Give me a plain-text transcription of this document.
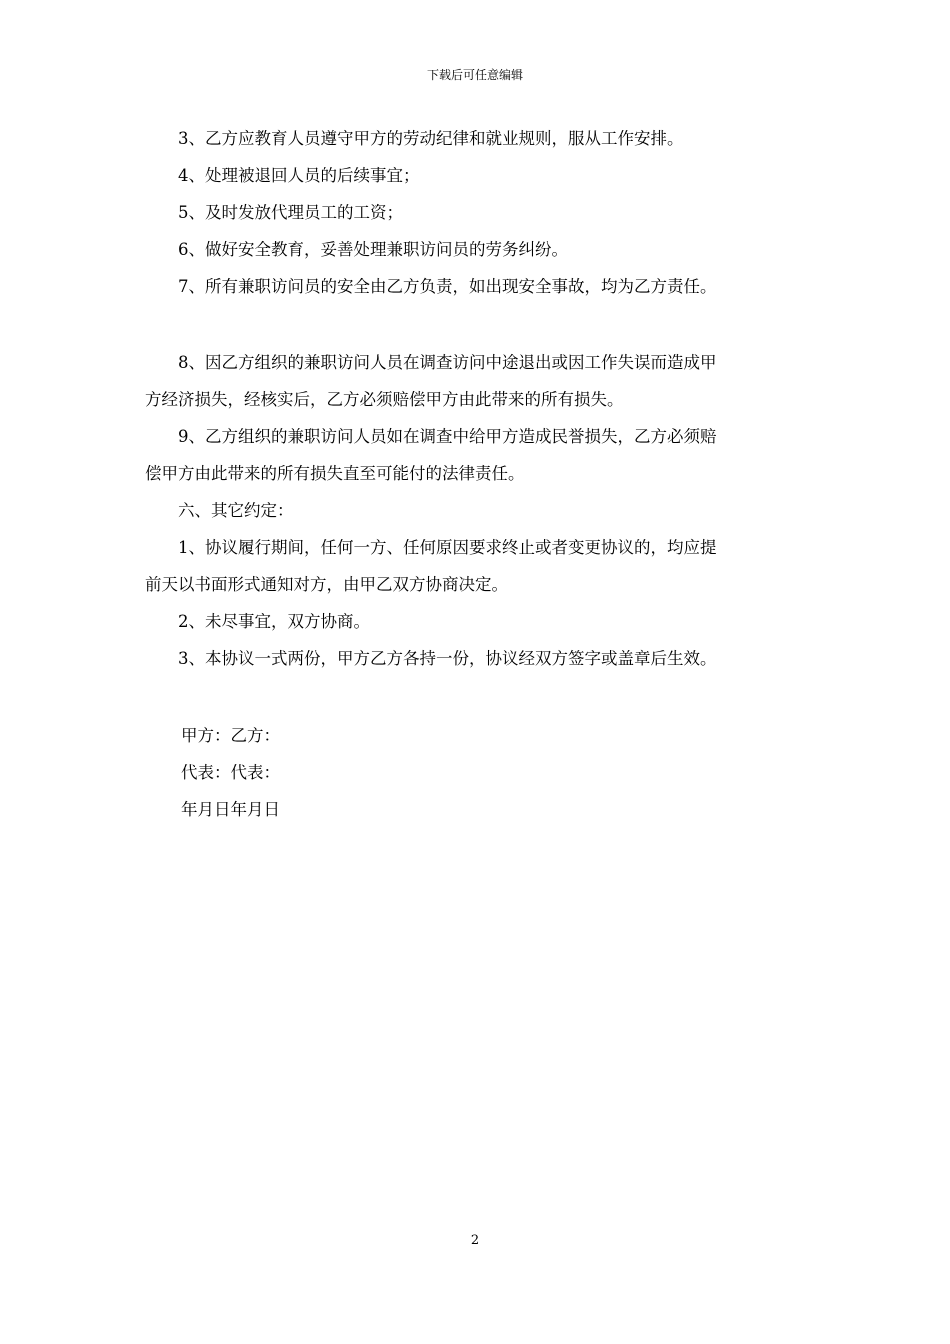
下载后可任意编辑

3、乙方应教育人员遵守甲方的劳动纪律和就业规则，服从工作安排。

4、处理被退回人员的后续事宜；

5、及时发放代理员工的工资；

6、做好安全教育，妥善处理兼职访问员的劳务纠纷。

7、所有兼职访问员的安全由乙方负责，如出现安全事故，均为乙方责任。

8、因乙方组织的兼职访问人员在调查访问中途退出或因工作失误而造成甲
方经济损失，经核实后，乙方必须赔偿甲方由此带来的所有损失。

9、乙方组织的兼职访问人员如在调查中给甲方造成民誉损失，乙方必须赔
偿甲方由此带来的所有损失直至可能付的法律责任。

六、其它约定：

1、协议履行期间，任何一方、任何原因要求终止或者变更协议的，均应提
前天以书面形式通知对方，由甲乙双方协商决定。

2、未尽事宜，双方协商。

3、本协议一式两份，甲方乙方各持一份，协议经双方签字或盖章后生效。

甲方：乙方：

代表：代表：

年月日年月日

2
